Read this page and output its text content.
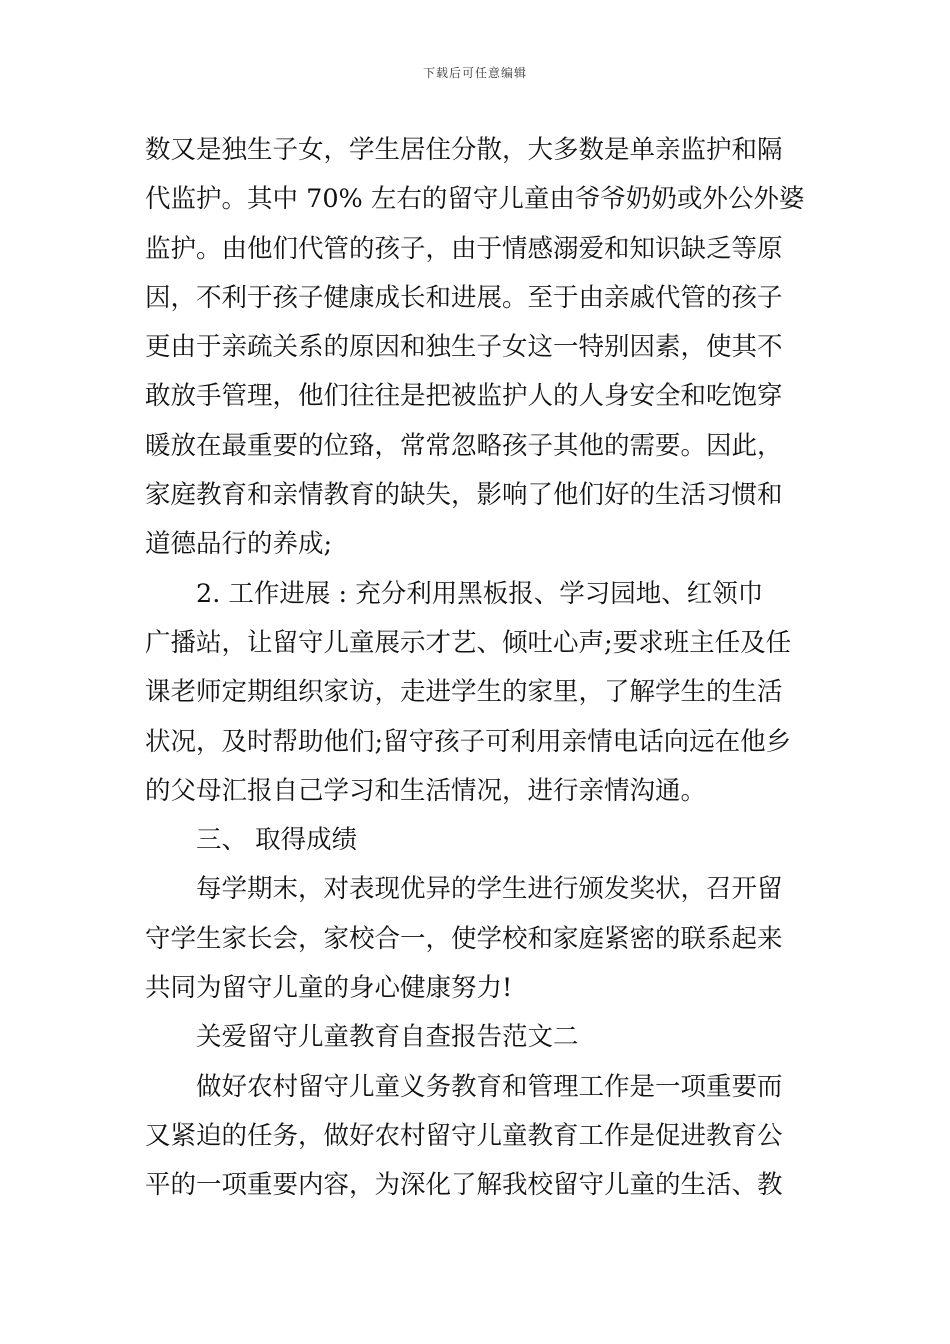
下载后可任意编辑
数又是独生子女，学生居住分散，大多数是单亲监护和隔
代监护。其中 70% 左右的留守儿童由爷爷奶奶或外公外婆
监护。由他们代管的孩子，由于情感溺爱和知识缺乏等原
因，不利于孩子健康成长和进展。至于由亲戚代管的孩子
更由于亲疏关系的原因和独生子女这一特别因素，使其不
敢放手管理，他们往往是把被监护人的人身安全和吃饱穿
暖放在最重要的位臵，常常忽略孩子其他的需要。因此，
家庭教育和亲情教育的缺失，影响了他们好的生活习惯和
道德品行的养成;
2. 工作进展 : 充分利用黑板报、学习园地、红领巾
广播站，让留守儿童展示才艺、倾吐心声;要求班主任及任
课老师定期组织家访，走进学生的家里，了解学生的生活
状况，及时帮助他们;留守孩子可利用亲情电话向远在他乡
的父母汇报自己学习和生活情况，进行亲情沟通。
三、 取得成绩
每学期末，对表现优异的学生进行颁发奖状，召开留
守学生家长会，家校合一，使学校和家庭紧密的联系起来
共同为留守儿童的身心健康努力!
关爱留守儿童教育自查报告范文二
做好农村留守儿童义务教育和管理工作是一项重要而
又紧迫的任务，做好农村留守儿童教育工作是促进教育公
平的一项重要内容，为深化了解我校留守儿童的生活、教
